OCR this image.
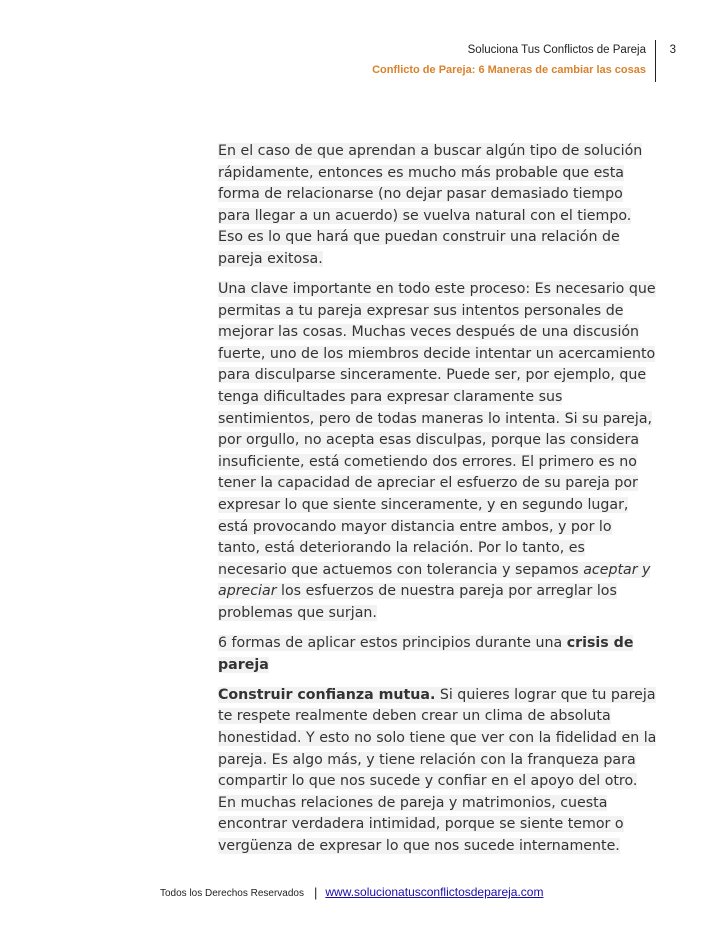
Soluciona Tus Conflictos de Pareja 3
Conflicto de Pareja: 6 Maneras de cambiar las cosas

En el caso de que aprendan a buscar algún tipo de solución rápidamente, entonces es mucho más probable que esta forma de relacionarse (no dejar pasar demasiado tiempo para llegar a un acuerdo) se vuelva natural con el tiempo. Eso es lo que hará que puedan construir una relación de pareja exitosa.

Una clave importante en todo este proceso: Es necesario que permitas a tu pareja expresar sus intentos personales de mejorar las cosas. Muchas veces después de una discusión fuerte, uno de los miembros decide intentar un acercamiento para disculparse sinceramente. Puede ser, por ejemplo, que tenga dificultades para expresar claramente sus sentimientos, pero de todas maneras lo intenta. Si su pareja, por orgullo, no acepta esas disculpas, porque las considera insuficiente, está cometiendo dos errores. El primero es no tener la capacidad de apreciar el esfuerzo de su pareja por expresar lo que siente sinceramente, y en segundo lugar, está provocando mayor distancia entre ambos, y por lo tanto, está deteriorando la relación. Por lo tanto, es necesario que actuemos con tolerancia y sepamos aceptar y apreciar los esfuerzos de nuestra pareja por arreglar los problemas que surjan.

6 formas de aplicar estos principios durante una crisis de pareja

Construir confianza mutua. Si quieres lograr que tu pareja te respete realmente deben crear un clima de absoluta honestidad. Y esto no solo tiene que ver con la fidelidad en la pareja. Es algo más, y tiene relación con la franqueza para compartir lo que nos sucede y confiar en el apoyo del otro. En muchas relaciones de pareja y matrimonios, cuesta encontrar verdadera intimidad, porque se siente temor o vergüenza de expresar lo que nos sucede internamente.

Todos los Derechos Reservados | www.solucionatusconflictosdepareja.com
